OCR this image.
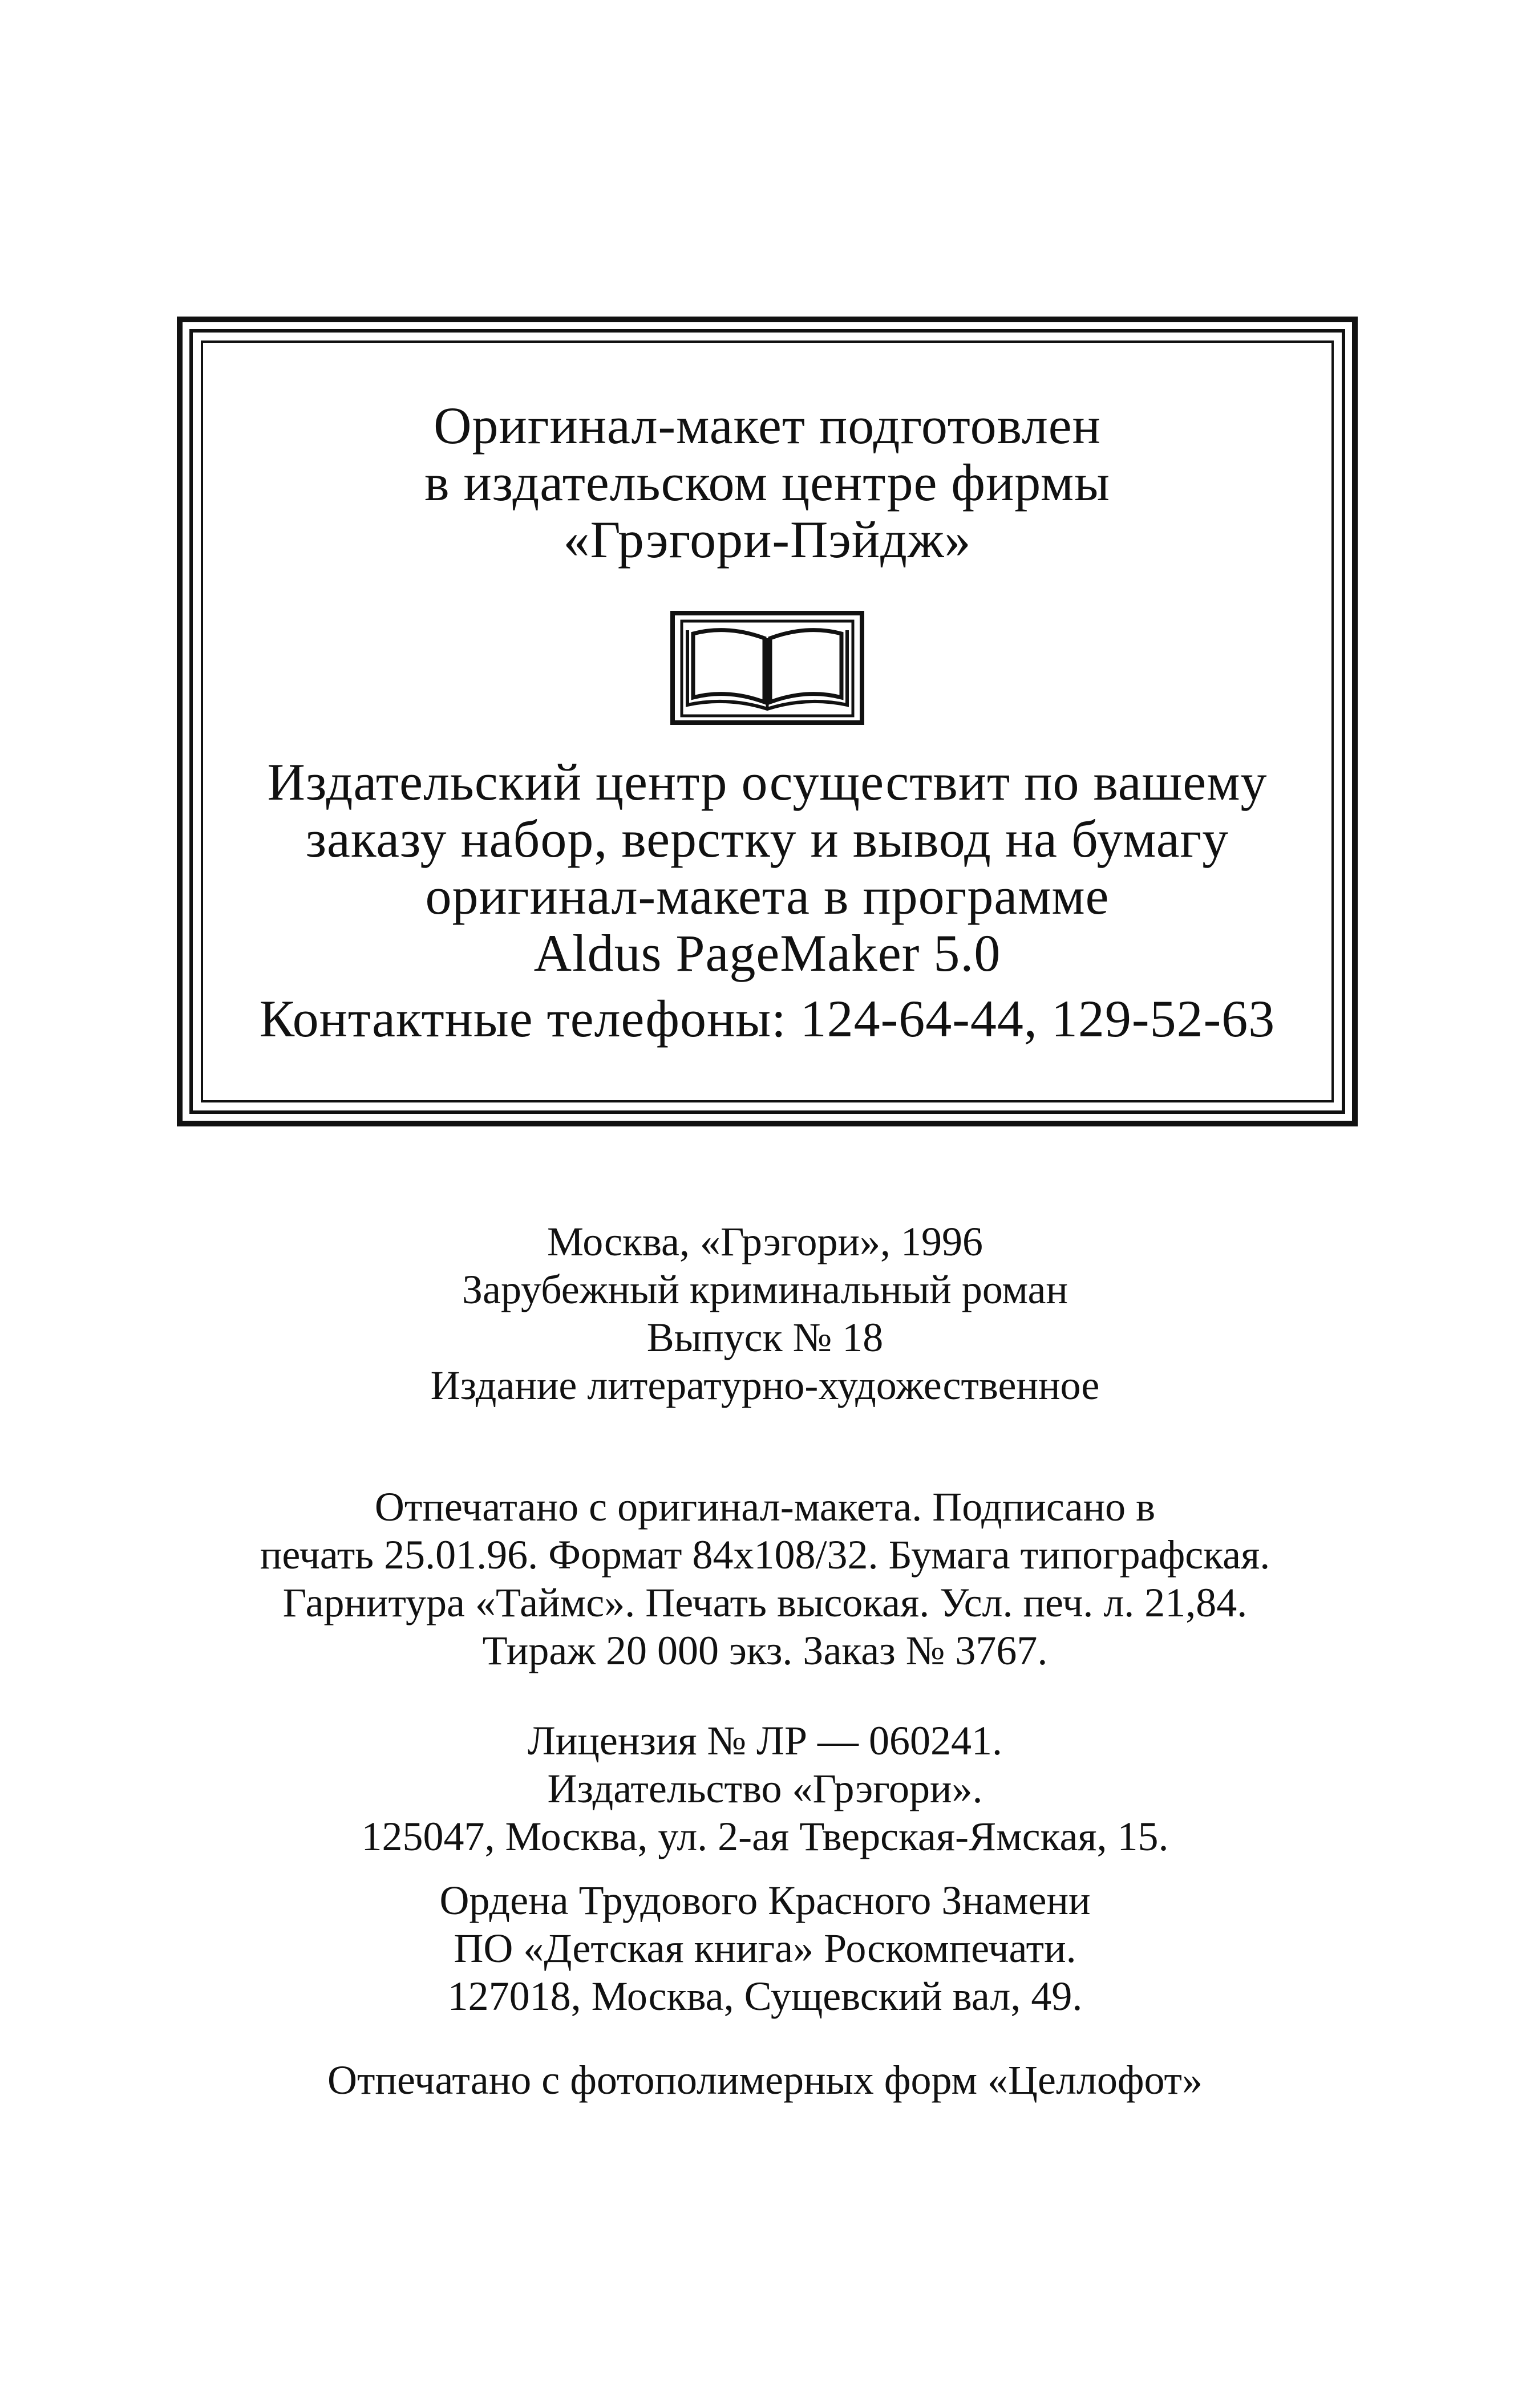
Оригинал-макет подготовлен
в издательском центре фирмы
«Грэгори-Пэйдж»
Издательский центр осуществит по вашему
заказу набор, верстку и вывод на бумагу
оригинал-макета в программе
Aldus PageMaker 5.0
Контактные телефоны: 124-64-44, 129-52-63
Москва, «Грэгори», 1996
Зарубежный криминальный роман
Выпуск № 18
Издание литературно-художественное
Отпечатано с оригинал-макета. Подписано в
печать 25.01.96. Формат 84x108/32. Бумага типографская.
Гарнитура «Таймс». Печать высокая. Усл. печ. л. 21,84.
Тираж 20 000 экз. Заказ № 3767.
Лицензия № ЛР — 060241.
Издательство «Грэгори».
125047, Москва, ул. 2-ая Тверская-Ямская, 15.
Ордена Трудового Красного Знамени
ПО «Детская книга» Роскомпечати.
127018, Москва, Сущевский вал, 49.
Отпечатано с фотополимерных форм «Целлофот»
